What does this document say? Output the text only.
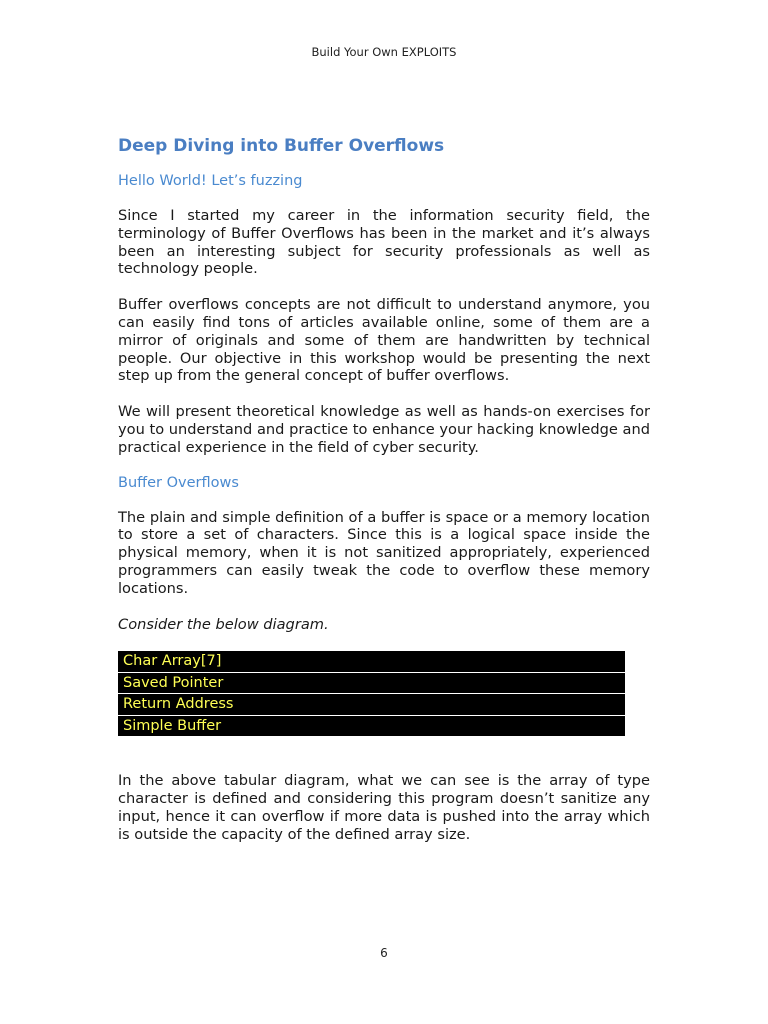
Build Your Own EXPLOITS
Deep Diving into Buffer Overflows
Hello World! Let’s fuzzing

Since I started my career in the information security field, the terminology of Buffer Overflows has been in the market and it’s always been an interesting subject for security professionals as well as technology people.

Buffer overflows concepts are not difficult to understand anymore, you can easily find tons of articles available online, some of them are a mirror of originals and some of them are handwritten by technical people. Our objective in this workshop would be presenting the next step up from the general concept of buffer overflows.

We will present theoretical knowledge as well as hands-on exercises for you to understand and practice to enhance your hacking knowledge and practical experience in the field of cyber security.

Buffer Overflows

The plain and simple definition of a buffer is space or a memory location to store a set of characters. Since this is a logical space inside the physical memory, when it is not sanitized appropriately, experienced programmers can easily tweak the code to overflow these memory locations.

Consider the below diagram.

Char Array[7]
Saved Pointer
Return Address
Simple Buffer

In the above tabular diagram, what we can see is the array of type character is defined and considering this program doesn’t sanitize any input, hence it can overflow if more data is pushed into the array which is outside the capacity of the defined array size.

6
